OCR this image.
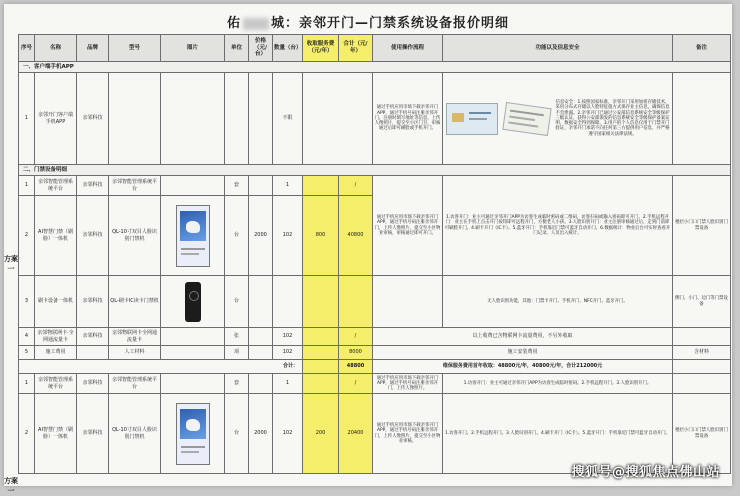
佑 城：亲邻开门—门禁系统设备报价明细
方案一
方案一
序号	名称	品牌	型号	图片	单位	价格（元/台）	数量（台）	收取服务费（元/年）	合计（元/年）	使用操作流程	功能以及信息安全	备注
一、客户端手机APP												
1	亲邻开门客户端手机APP	亲邻科技					不限			通过手机应用市场下载亲邻开门APP，通过手机号码注册亲邻开门，注册时填写地址等信息，上传人像照片，提交至小区门卫，审核通过后即可刷脸或手机开门。	信息安全：1.按照国家标准，亲邻开门采用加密存储技术，采用分布式存储以人脸特征值方式保存业主信息，确保信息不会泄露。2.亲邻开门已通过公安部信息系统安全等级保护三级认证，获得公安部颁发的信息系统安全等级保护备案证明，数据安全得到保障。3.用户的个人信息仅用于门禁开门验证，亲邻开门承诺不向任何第三方提供用户信息，并严格遵守国家相关法律法规。	

二、门禁设备明细												
1	亲邻智能管理系统平台	亲邻科技	亲邻智能管理系统平台		套		1		/	通过手机应用市场下载亲邻开门APP，通过手机号码注册亲邻开门，上传人像照片，提交至小区物业审核，审核通过即可开门。	1.访客开门：业主可通过亲邻开门APP为访客生成临时密码或二维码，访客扫码或输入密码即可开门。2.手机远程开门：业主在手机上点击开门按钮即可远程开门，方便老人小孩。3.人脸识别开门：业主注册审核通过后，走到门前即可刷脸开门。4.刷卡开门（IC卡）。5.蓝牙开门：手机靠近门禁可蓝牙自动开门。6.数据统计：物业后台可实时查看开门记录、人员出入统计。	楼层小门口门禁人脸识别门禁设备
2	AI智慧门禁（刷脸）一体机	亲邻科技	QL-10寸双目人脸识别门禁机		台	2000	102	800	40800			
3	刷卡设备一体机	亲邻科技	QL-刷卡IC读卡门禁机		台						无人脸识别功能，其他：门禁卡开门、手机开门、NFC开门、蓝牙开门。	侧门、小门、边门等门禁设备
4	亲邻物联网卡·全网通流量卡	亲邻科技	亲邻物联网卡全网通流量卡		张		102		/	以上收费已含物联网卡流量费用，不另外收取		
5	施工费用		人工材料		项		102		8000	施工安装费用		含材料
合计：									48800	维保服务费用首年收取：48800元/年，40800元/年，合计212000元		
1	亲邻智能管理系统平台	亲邻科技	亲邻智能管理系统平台		套		1		/	通过手机应用市场下载亲邻开门APP，通过手机号码注册亲邻开门，上传人像照片。	1.访客开门：业主可通过亲邻开门APP为访客生成临时密码。2.手机远程开门。3.人脸识别开门。	
2	AI智慧门禁（刷脸）一体机	亲邻科技	QL-10寸双目人脸识别门禁机		台	2000	102	200	20400	通过手机应用市场下载亲邻开门APP，通过手机号码注册亲邻开门，上传人像照片，提交至小区物业审核。	1.访客开门。2.手机远程开门。3.人脸识别开门。4.刷卡开门（IC卡）。5.蓝牙开门：手机靠近门禁可蓝牙自动开门。	楼层小门口门禁人脸识别门禁设备
搜狐号@搜狐焦点佛山站
